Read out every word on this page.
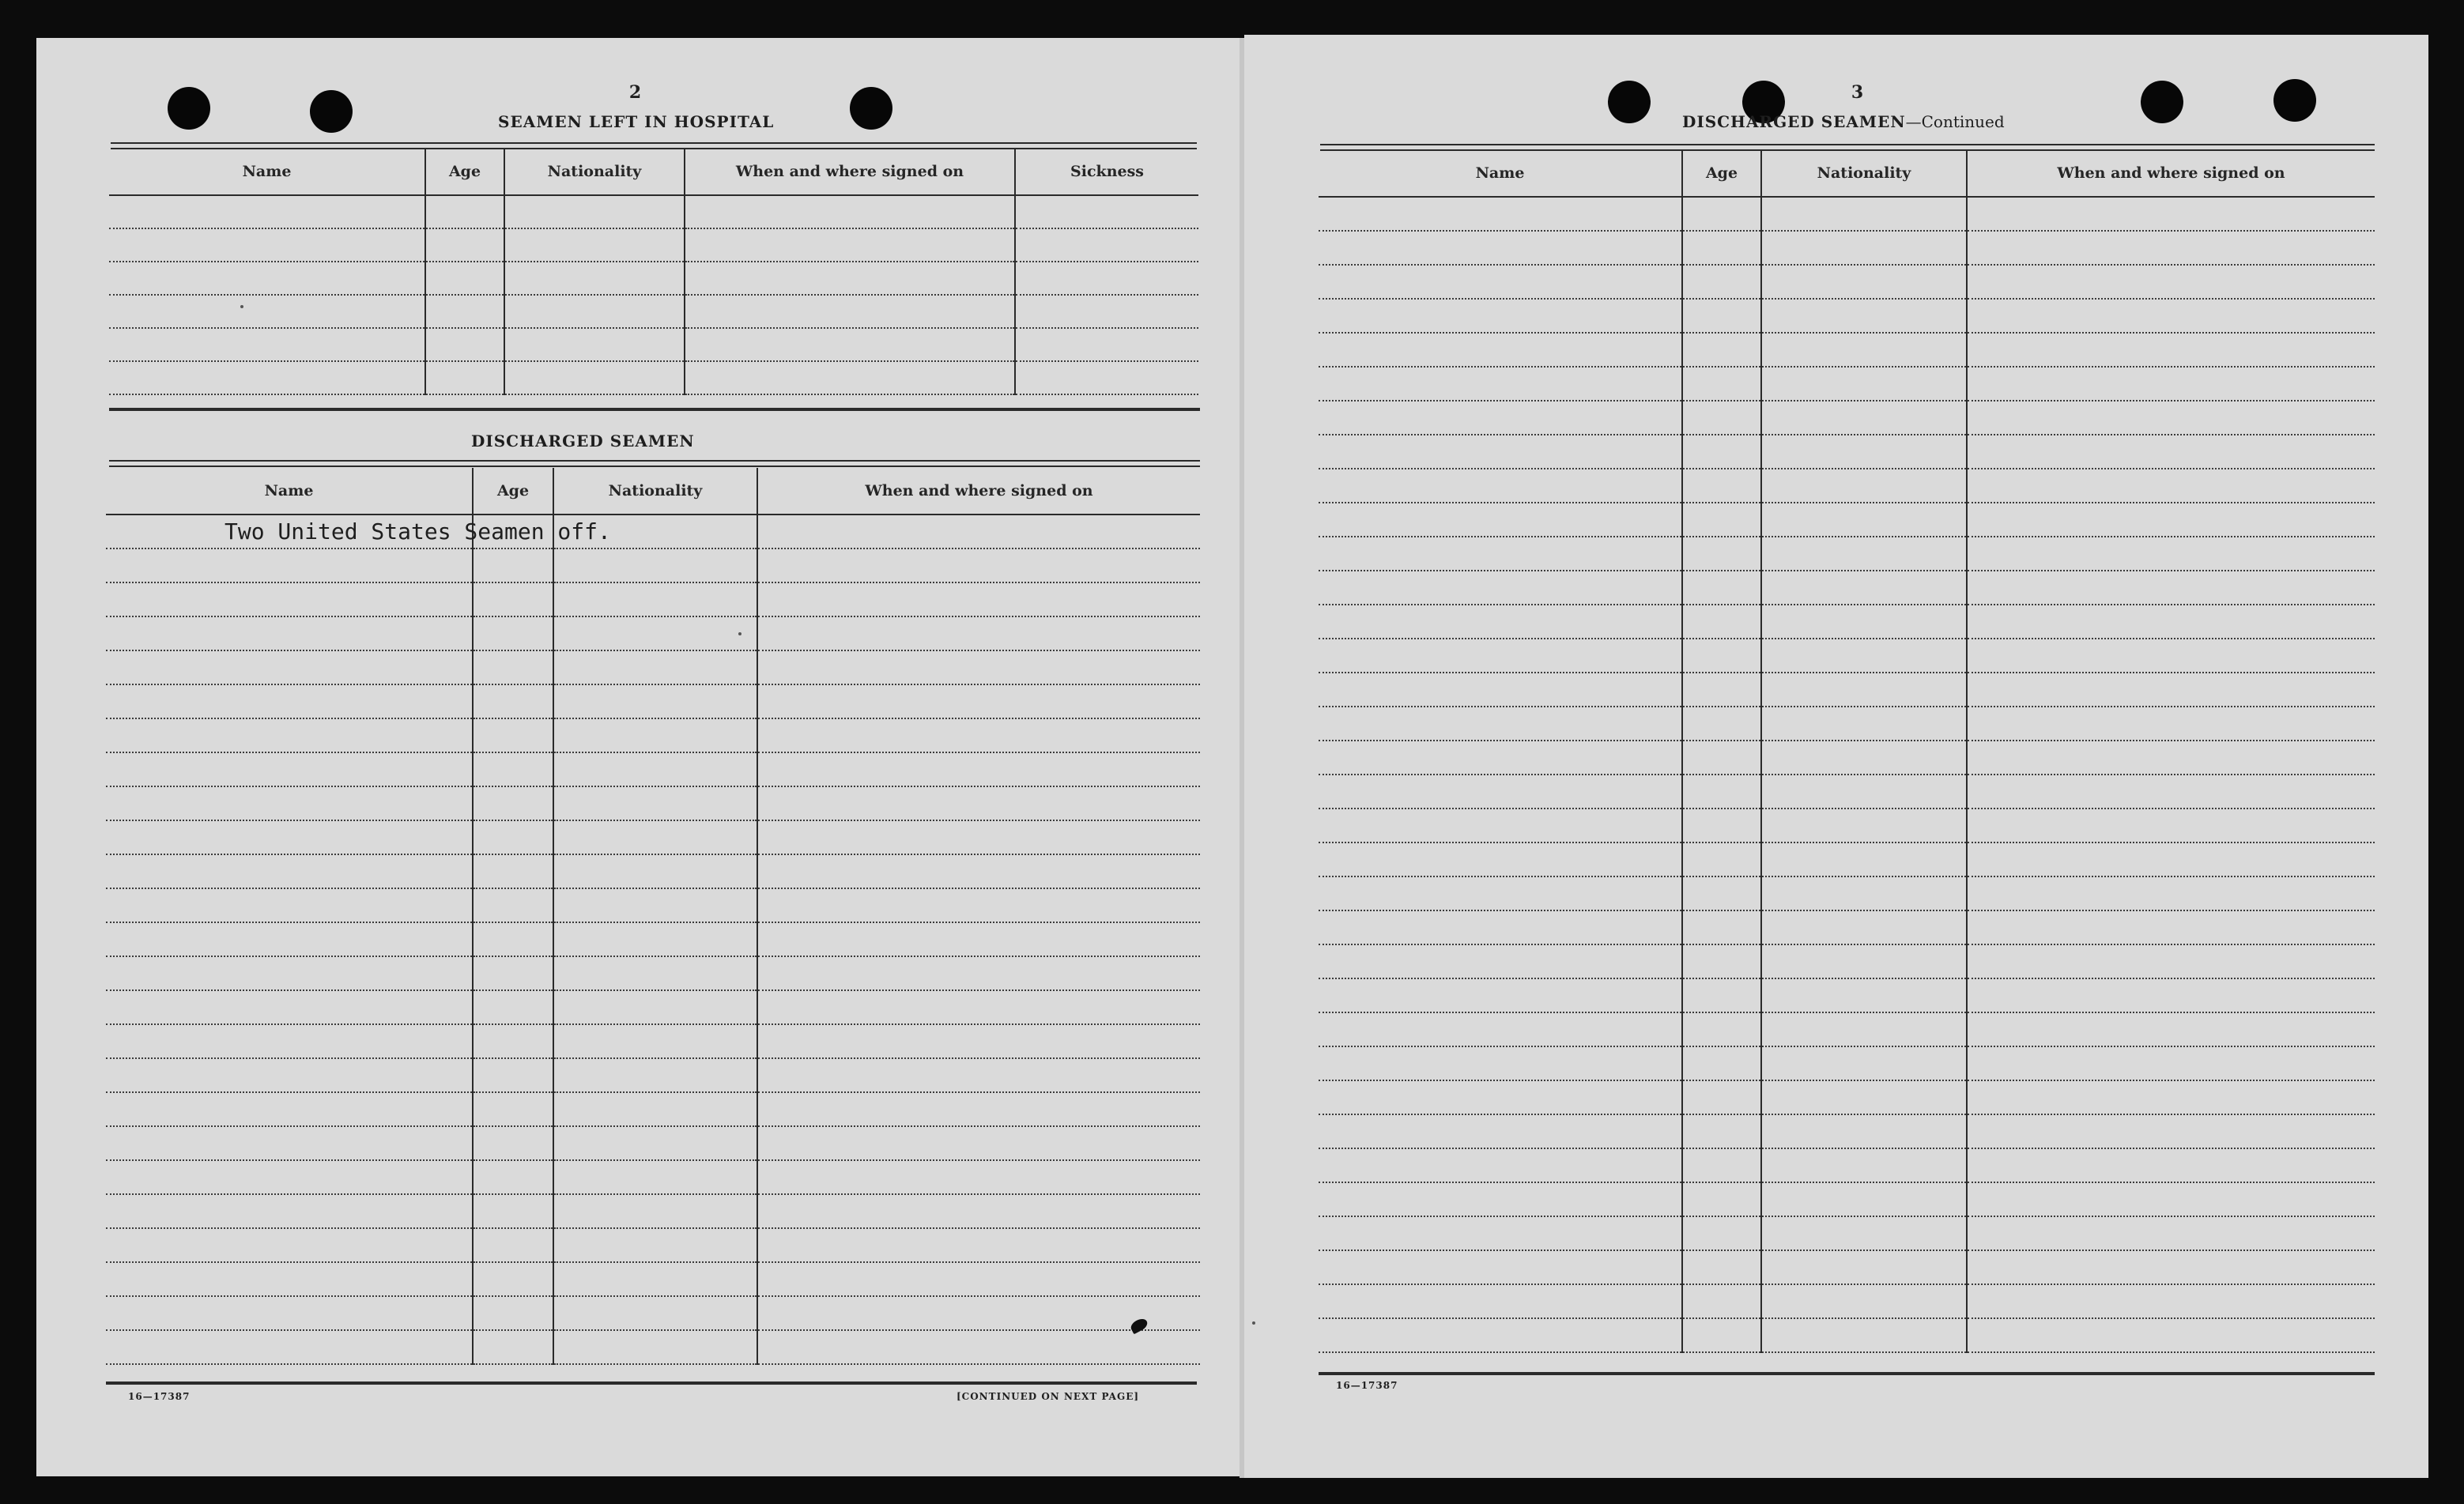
2
SEAMEN LEFT IN HOSPITAL
Name	Age	Nationality	When and where signed on	Sickness

DISCHARGED SEAMEN
Name	Age	Nationality	When and where signed on
Two United States Seamen off.			

16—17387	[CONTINUED ON NEXT PAGE]
3
DISCHARGED SEAMEN—Continued
Name	Age	Nationality	When and where signed on

16—17387
